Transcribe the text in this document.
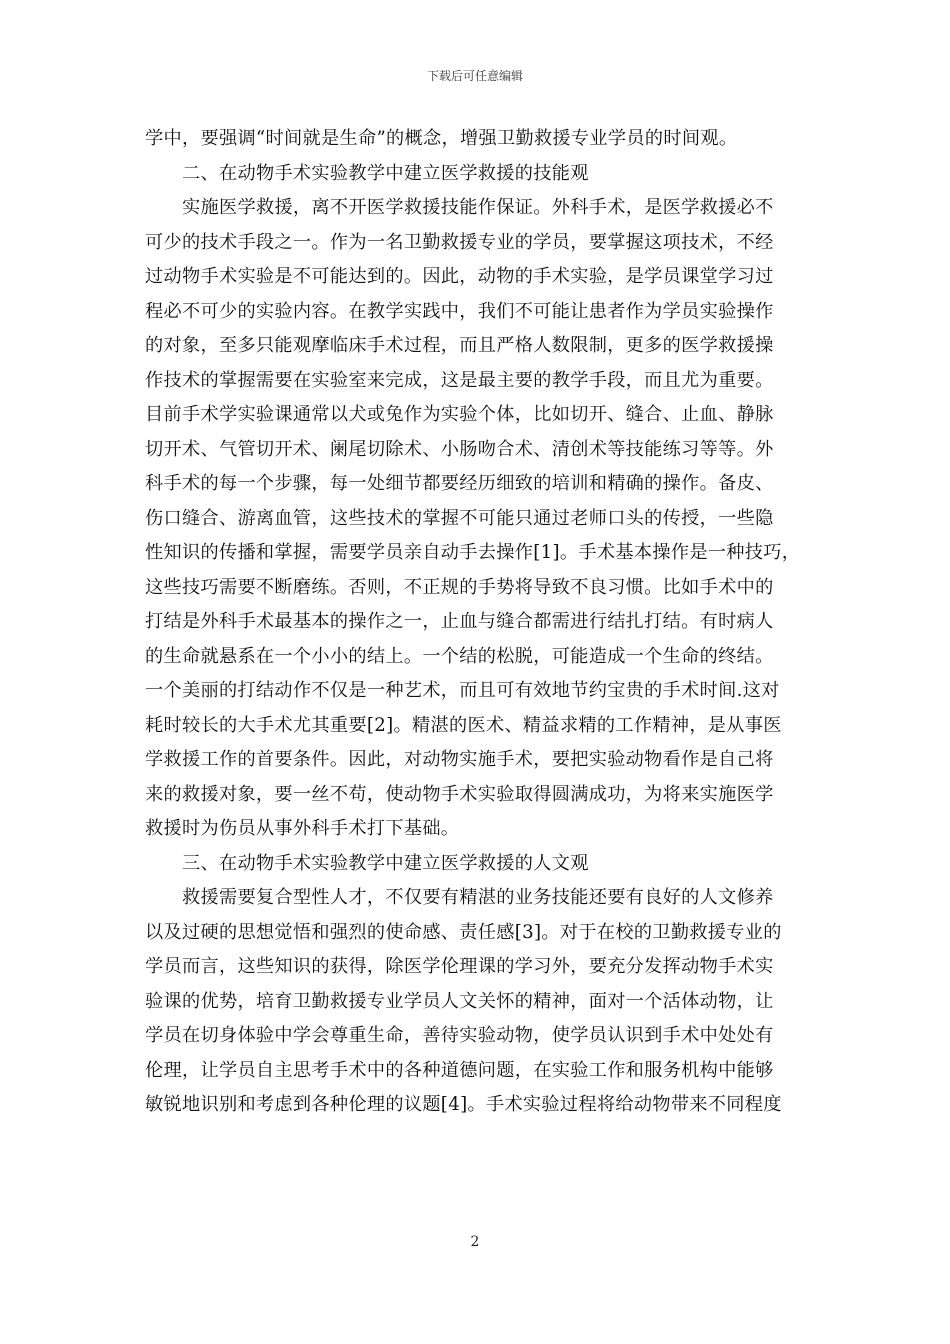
下载后可任意编辑
学中，要强调“时间就是生命”的概念，增强卫勤救援专业学员的时间观。
二、在动物手术实验教学中建立医学救援的技能观
实施医学救援，离不开医学救援技能作保证。外科手术，是医学救援必不
可少的技术手段之一。作为一名卫勤救援专业的学员，要掌握这项技术，不经
过动物手术实验是不可能达到的。因此，动物的手术实验，是学员课堂学习过
程必不可少的实验内容。在教学实践中，我们不可能让患者作为学员实验操作
的对象，至多只能观摩临床手术过程，而且严格人数限制，更多的医学救援操
作技术的掌握需要在实验室来完成，这是最主要的教学手段，而且尤为重要。
目前手术学实验课通常以犬或兔作为实验个体，比如切开、缝合、止血、静脉
切开术、气管切开术、阑尾切除术、小肠吻合术、清创术等技能练习等等。外
科手术的每一个步骤，每一处细节都要经历细致的培训和精确的操作。备皮、
伤口缝合、游离血管，这些技术的掌握不可能只通过老师口头的传授，一些隐
性知识的传播和掌握，需要学员亲自动手去操作[1]。手术基本操作是一种技巧，
这些技巧需要不断磨练。否则，不正规的手势将导致不良习惯。比如手术中的
打结是外科手术最基本的操作之一，止血与缝合都需进行结扎打结。有时病人
的生命就悬系在一个小小的结上。一个结的松脱，可能造成一个生命的终结。
一个美丽的打结动作不仅是一种艺术，而且可有效地节约宝贵的手术时间.这对
耗时较长的大手术尤其重要[2]。精湛的医术、精益求精的工作精神，是从事医
学救援工作的首要条件。因此，对动物实施手术，要把实验动物看作是自己将
来的救援对象，要一丝不苟，使动物手术实验取得圆满成功，为将来实施医学
救援时为伤员从事外科手术打下基础。
三、在动物手术实验教学中建立医学救援的人文观
救援需要复合型性人才，不仅要有精湛的业务技能还要有良好的人文修养
以及过硬的思想觉悟和强烈的使命感、责任感[3]。对于在校的卫勤救援专业的
学员而言，这些知识的获得，除医学伦理课的学习外，要充分发挥动物手术实
验课的优势，培育卫勤救援专业学员人文关怀的精神，面对一个活体动物，让
学员在切身体验中学会尊重生命，善待实验动物，使学员认识到手术中处处有
伦理，让学员自主思考手术中的各种道德问题，在实验工作和服务机构中能够
敏锐地识别和考虑到各种伦理的议题[4]。手术实验过程将给动物带来不同程度
2
